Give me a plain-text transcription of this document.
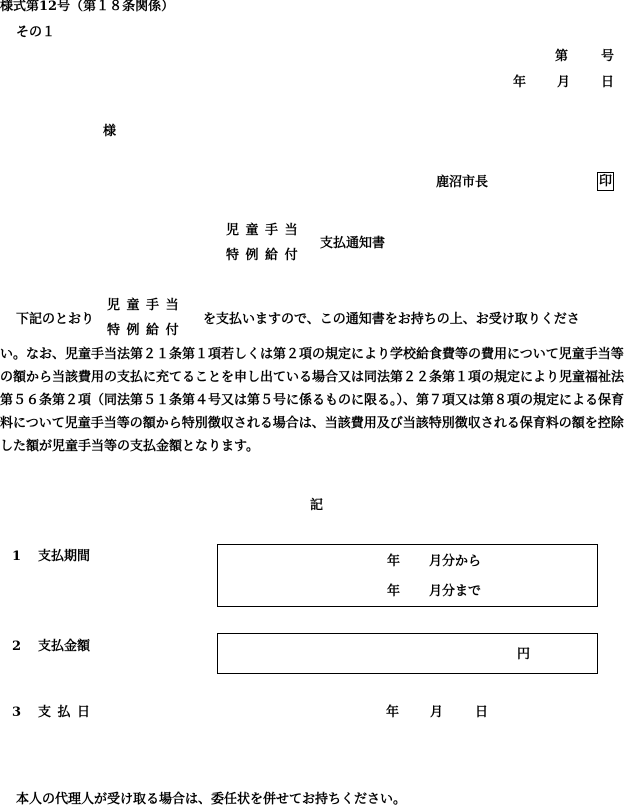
様式第12号（第１８条関係）
その１
第	号
年 月 日
様
鹿沼市長	印
児 童 手 当
特 例 給 付
支払通知書
下記のとおり
児 童 手 当
特 例 給 付
を支払いますので、この通知書をお持ちの上、お受け取りくださ
い。なお、児童手当法第２１条第１項若しくは第２項の規定により学校給食費等の費用について児童手当等の額から当該費用の支払に充てることを申し出ている場合又は同法第２２条第１項の規定により児童福祉法第５６条第２項（同法第５１条第４号又は第５号に係るものに限る。）、第７項又は第８項の規定による保育料について児童手当等の額から特別徴収される場合は、当該費用及び当該特別徴収される保育料の額を控除した額が児童手当等の支払金額となります。
記
1 支払期間	年 月分から
年 月分まで
2 支払金額
円
3 支 払 日	年 月 日
本人の代理人が受け取る場合は、委任状を併せてお持ちください。
